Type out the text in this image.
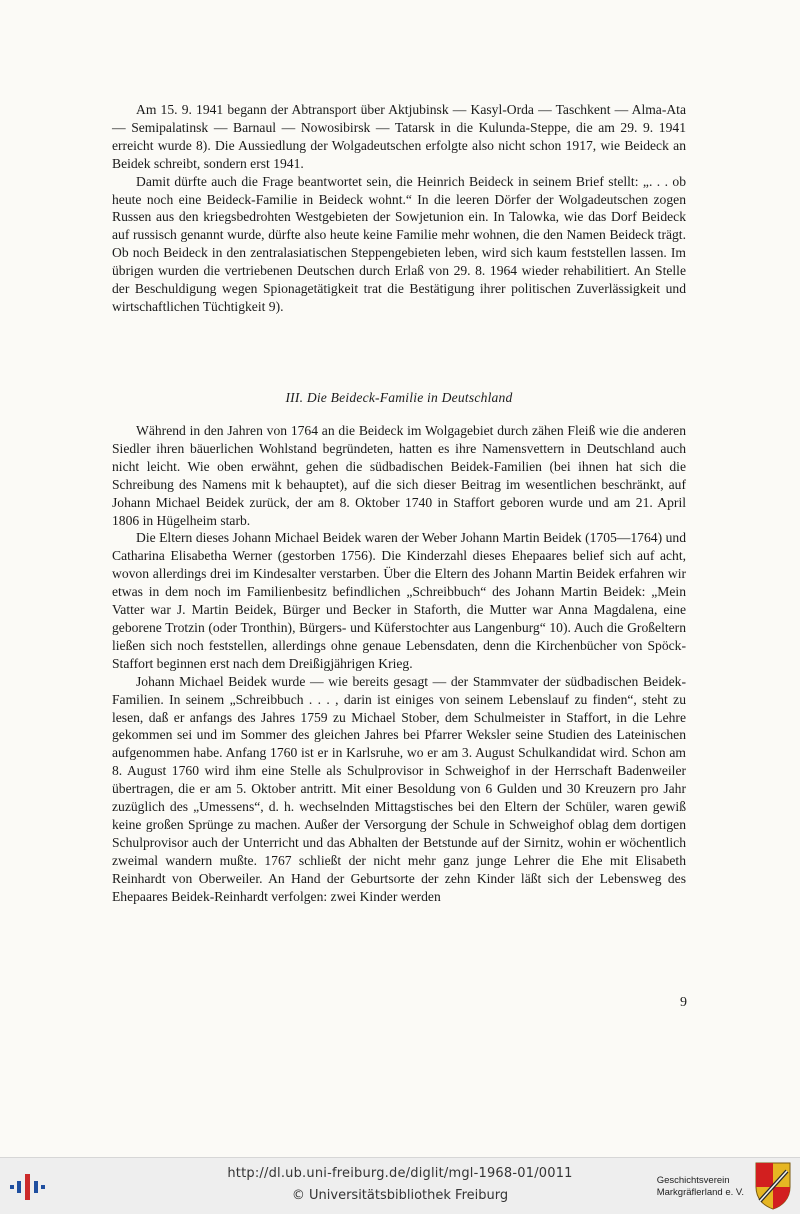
Am 15. 9. 1941 begann der Abtransport über Aktjubinsk — Kasyl-Orda — Taschkent — Alma-Ata — Semipalatinsk — Barnaul — Nowosibirsk — Tatarsk in die Kulunda-Steppe, die am 29. 9. 1941 erreicht wurde 8). Die Aussiedlung der Wolgadeutschen erfolgte also nicht schon 1917, wie Beideck an Beidek schreibt, sondern erst 1941.

Damit dürfte auch die Frage beantwortet sein, die Heinrich Beideck in seinem Brief stellt: „. . . ob heute noch eine Beideck-Familie in Beideck wohnt.“ In die leeren Dörfer der Wolgadeutschen zogen Russen aus den kriegsbedrohten Westgebieten der Sowjetunion ein. In Talowka, wie das Dorf Beideck auf russisch genannt wurde, dürfte also heute keine Familie mehr wohnen, die den Namen Beideck trägt. Ob noch Beideck in den zentralasiatischen Steppengebieten leben, wird sich kaum feststellen lassen. Im übrigen wurden die vertriebenen Deutschen durch Erlaß von 29. 8. 1964 wieder rehabilitiert. An Stelle der Beschuldigung wegen Spionagetätigkeit trat die Bestätigung ihrer politischen Zuverlässigkeit und wirtschaftlichen Tüchtigkeit 9).

III. Die Beideck-Familie in Deutschland

Während in den Jahren von 1764 an die Beideck im Wolgagebiet durch zähen Fleiß wie die anderen Siedler ihren bäuerlichen Wohlstand begründeten, hatten es ihre Namensvettern in Deutschland auch nicht leicht. Wie oben erwähnt, gehen die südbadischen Beidek-Familien (bei ihnen hat sich die Schreibung des Namens mit k behauptet), auf die sich dieser Beitrag im wesentlichen beschränkt, auf Johann Michael Beidek zurück, der am 8. Oktober 1740 in Staffort geboren wurde und am 21. April 1806 in Hügelheim starb.

Die Eltern dieses Johann Michael Beidek waren der Weber Johann Martin Beidek (1705—1764) und Catharina Elisabetha Werner (gestorben 1756). Die Kinderzahl dieses Ehepaares belief sich auf acht, wovon allerdings drei im Kindesalter verstarben. Über die Eltern des Johann Martin Beidek erfahren wir etwas in dem noch im Familienbesitz befindlichen „Schreibbuch“ des Johann Martin Beidek: „Mein Vatter war J. Martin Beidek, Bürger und Becker in Staforth, die Mutter war Anna Magdalena, eine geborene Trotzin (oder Tronthin), Bürgers- und Küferstochter aus Langenburg“ 10). Auch die Großeltern ließen sich noch feststellen, allerdings ohne genaue Lebensdaten, denn die Kirchenbücher von Spöck-Staffort beginnen erst nach dem Dreißigjährigen Krieg.

Johann Michael Beidek wurde — wie bereits gesagt — der Stammvater der südbadischen Beidek-Familien. In seinem „Schreibbuch . . . , darin ist einiges von seinem Lebenslauf zu finden“, steht zu lesen, daß er anfangs des Jahres 1759 zu Michael Stober, dem Schulmeister in Staffort, in die Lehre gekommen sei und im Sommer des gleichen Jahres bei Pfarrer Weksler seine Studien des Lateinischen aufgenommen habe. Anfang 1760 ist er in Karlsruhe, wo er am 3. August Schulkandidat wird. Schon am 8. August 1760 wird ihm eine Stelle als Schulprovisor in Schweighof in der Herrschaft Badenweiler übertragen, die er am 5. Oktober antritt. Mit einer Besoldung von 6 Gulden und 30 Kreuzern pro Jahr zuzüglich des „Umessens“, d. h. wechselnden Mittagstisches bei den Eltern der Schüler, waren gewiß keine großen Sprünge zu machen. Außer der Versorgung der Schule in Schweighof oblag dem dortigen Schulprovisor auch der Unterricht und das Abhalten der Betstunde auf der Sirnitz, wohin er wöchentlich zweimal wandern mußte. 1767 schließt der nicht mehr ganz junge Lehrer die Ehe mit Elisabeth Reinhardt von Oberweiler. An Hand der Geburtsorte der zehn Kinder läßt sich der Lebensweg des Ehepaares Beidek-Reinhardt verfolgen: zwei Kinder werden

9
http://dl.ub.uni-freiburg.de/diglit/mgl-1968-01/0011
© Universitätsbibliothek Freiburg
Geschichtsverein
Markgräflerland e. V.
